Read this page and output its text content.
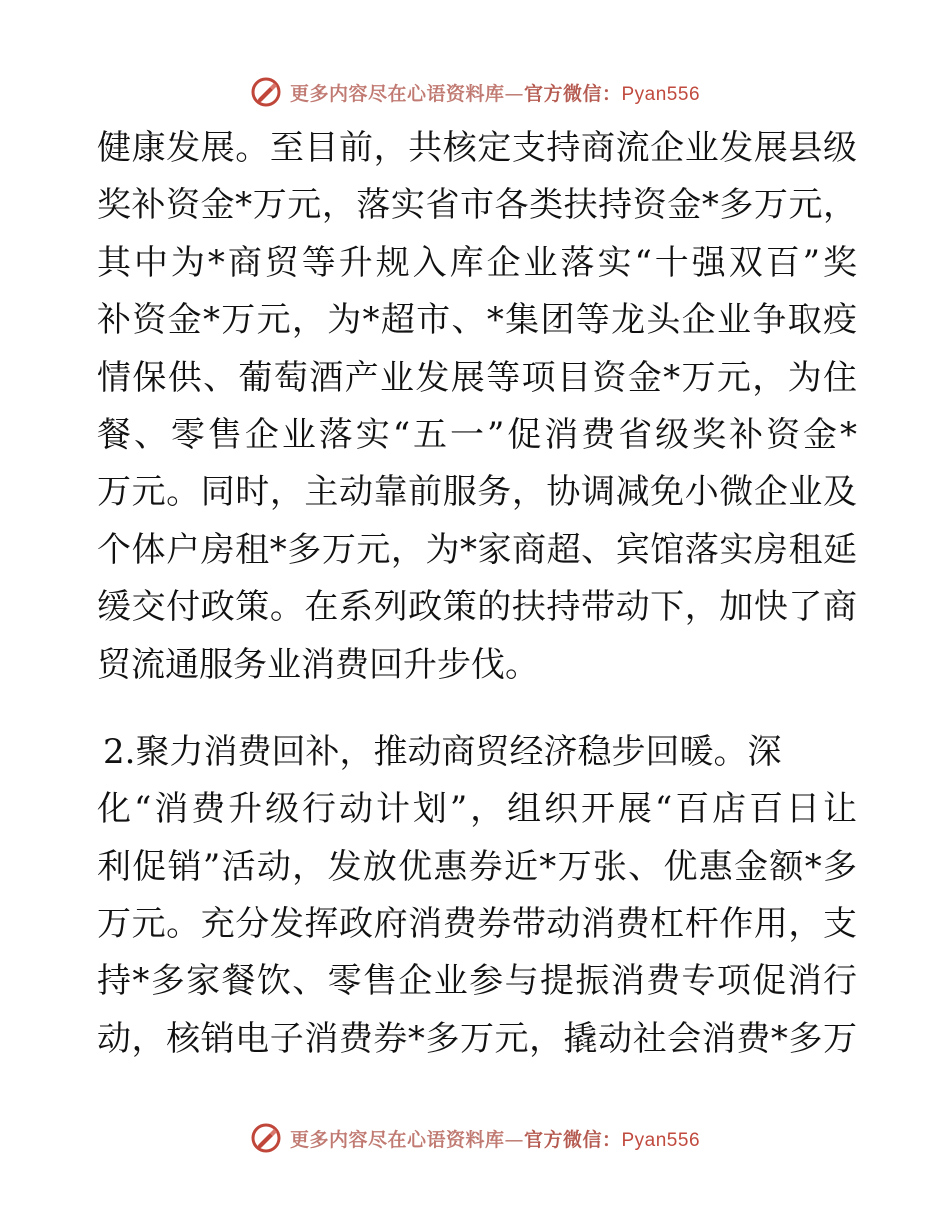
更多内容尽在心语资料库—官方微信：Pyan556
健康发展。至目前，共核定支持商流企业发展县级
奖补资金*万元，落实省市各类扶持资金*多万元，
其中为*商贸等升规入库企业落实“十强双百”奖
补资金*万元，为*超市、*集团等龙头企业争取疫
情保供、葡萄酒产业发展等项目资金*万元，为住
餐、零售企业落实“五一”促消费省级奖补资金*
万元。同时，主动靠前服务，协调减免小微企业及
个体户房租*多万元，为*家商超、宾馆落实房租延
缓交付政策。在系列政策的扶持带动下，加快了商
贸流通服务业消费回升步伐。
2.聚力消费回补，推动商贸经济稳步回暖。深
化“消费升级行动计划”，组织开展“百店百日让
利促销”活动，发放优惠券近*万张、优惠金额*多
万元。充分发挥政府消费券带动消费杠杆作用，支
持*多家餐饮、零售企业参与提振消费专项促消行
动，核销电子消费券*多万元，撬动社会消费*多万
更多内容尽在心语资料库—官方微信：Pyan556
